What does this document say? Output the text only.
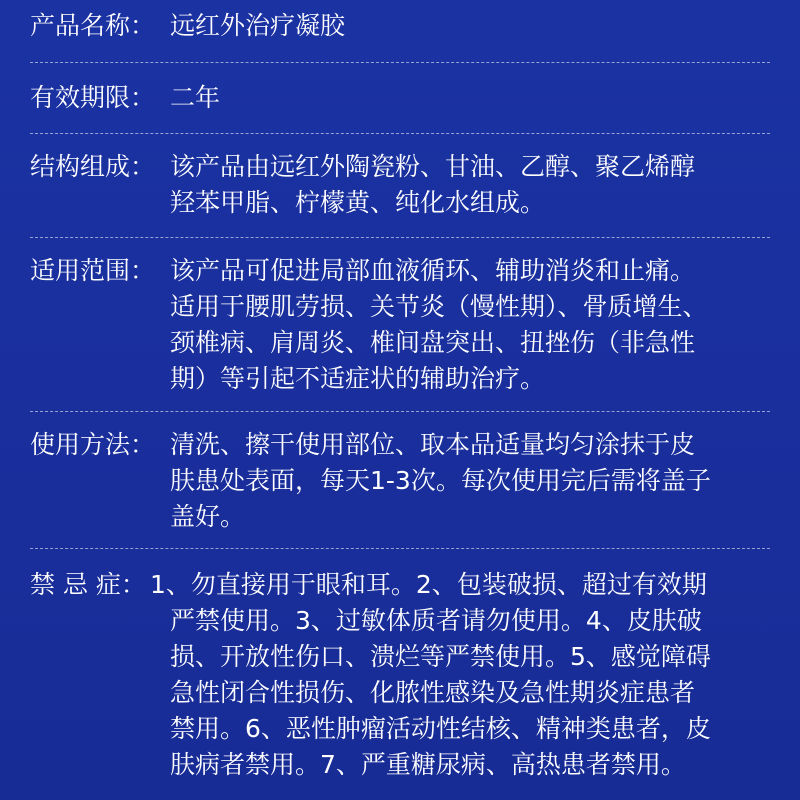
产品名称： 远红外治疗凝胶
有效期限： 二年
结构组成： 该产品由远红外陶瓷粉、甘油、乙醇、聚乙烯醇
羟苯甲脂、柠檬黄、纯化水组成。
适用范围： 该产品可促进局部血液循环、辅助消炎和止痛。
适用于腰肌劳损、关节炎（慢性期）、骨质增生、
颈椎病、肩周炎、椎间盘突出、扭挫伤（非急性
期）等引起不适症状的辅助治疗。
使用方法： 清洗、擦干使用部位、取本品适量均匀涂抹于皮
肤患处表面，每天1-3次。每次使用完后需将盖子
盖好。
禁 忌 症： 1、勿直接用于眼和耳。2、包装破损、超过有效期
严禁使用。3、过敏体质者请勿使用。4、皮肤破
损、开放性伤口、溃烂等严禁使用。5、感觉障碍
急性闭合性损伤、化脓性感染及急性期炎症患者
禁用。6、恶性肿瘤活动性结核、精神类患者，皮
肤病者禁用。7、严重糖尿病、高热患者禁用。
